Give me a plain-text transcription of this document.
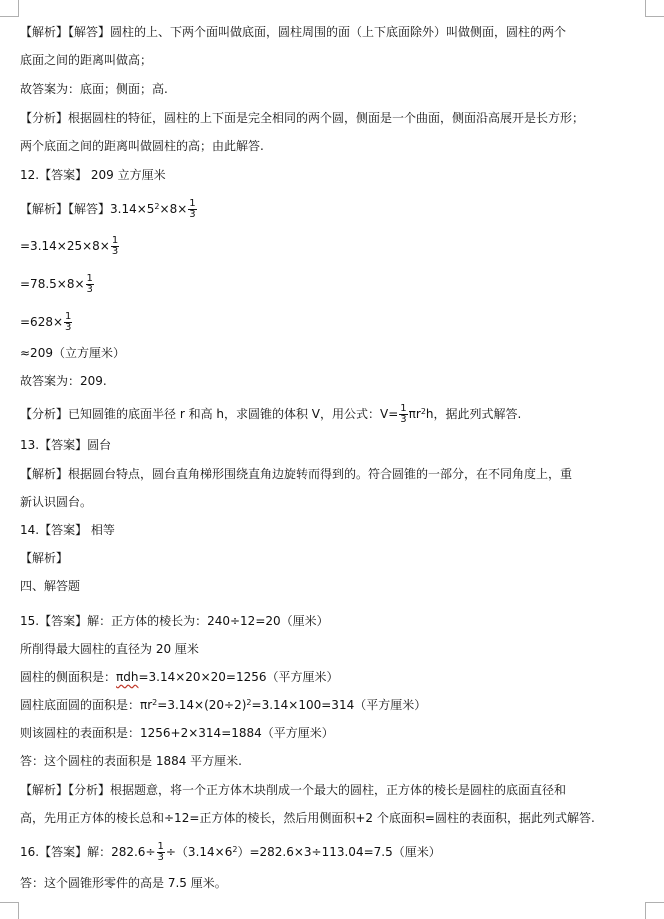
【解析】【解答】圆柱的上、下两个面叫做底面，圆柱周围的面（上下底面除外）叫做侧面，圆柱的两个
底面之间的距离叫做高；
故答案为：底面；侧面；高.
【分析】根据圆柱的特征，圆柱的上下面是完全相同的两个圆，侧面是一个曲面，侧面沿高展开是长方形；
两个底面之间的距离叫做圆柱的高；由此解答.
12.【答案】 209 立方厘米
【解析】【解答】$3.14\times 5^2\times 8\times \frac{1}{3}$
$=3.14\times 25\times 8\times \frac{1}{3}$
$=78.5\times 8\times \frac{1}{3}$
$=628\times \frac{1}{3}$
≈209（立方厘米）
故答案为：209.
【分析】已知圆锥的底面半径 r 和高 h，求圆锥的体积 V，用公式：$V= \frac{1}{3} \pi r^2h$，据此列式解答.
13.【答案】圆台
【解析】根据圆台特点，圆台直角梯形围绕直角边旋转而得到的。符合圆锥的一部分，在不同角度上，重
新认识圆台。
14.【答案】 相等
【解析】
四、解答题
15.【答案】解：正方体的棱长为：240÷12=20（厘米）
所削得最大圆柱的直径为 20 厘米
圆柱的侧面积是：πdh=3.14×20×20=1256（平方厘米）
圆柱底面圆的面积是：$\pi r^2=3.14\times(20\div 2)^2=3.14\times 100=314$（平方厘米）
则该圆柱的表面积是：1256+2×314=1884（平方厘米）
答：这个圆柱的表面积是 1884 平方厘米.
【解析】【分析】根据题意，将一个正方体木块削成一个最大的圆柱，正方体的棱长是圆柱的底面直径和
高，先用正方体的棱长总和÷12=正方体的棱长，然后用侧面积+2 个底面积=圆柱的表面积，据此列式解答.
16.【答案】解：$282.6\div \frac{1}{3} \div(3.14\times 6^2)=282.6\times 3\div 113.04=7.5$（厘米）
答：这个圆锥形零件的高是 7.5 厘米。
